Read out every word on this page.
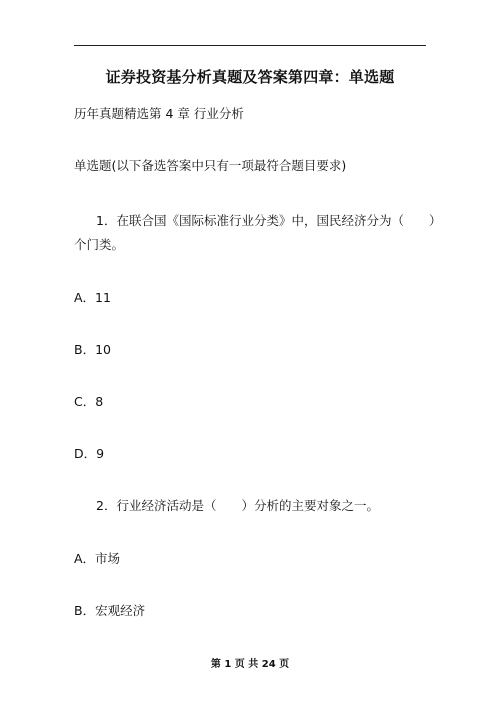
证券投资基分析真题及答案第四章：单选题
历年真题精选第 4 章 行业分析
单选题(以下备选答案中只有一项最符合题目要求)
1．在联合国《国际标准行业分类》中，国民经济分为（　　）
个门类。
A．11
B．10
C．8
D．9
2．行业经济活动是（　　）分析的主要对象之一。
A．市场
B．宏观经济
第 1 页 共 24 页
